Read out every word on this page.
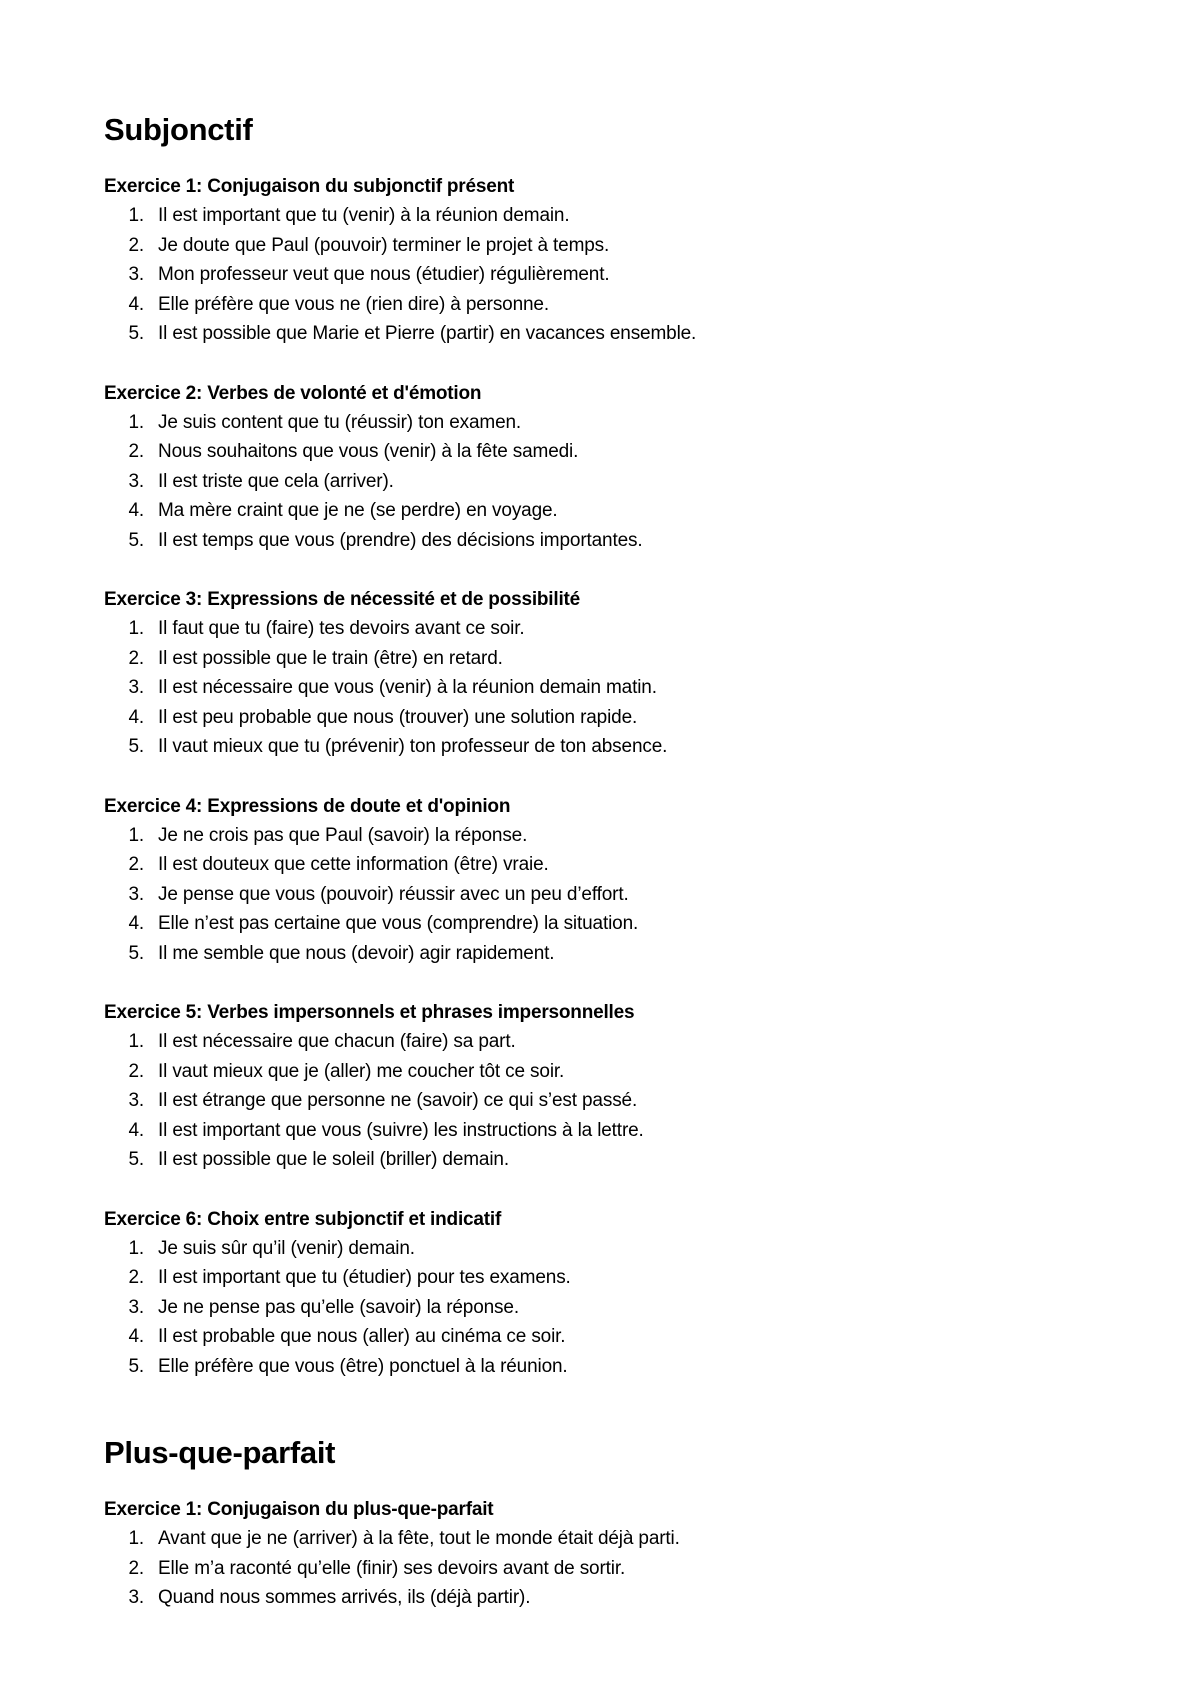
Subjonctif
Exercice 1: Conjugaison du subjonctif présent
1. Il est important que tu (venir) à la réunion demain.
2. Je doute que Paul (pouvoir) terminer le projet à temps.
3. Mon professeur veut que nous (étudier) régulièrement.
4. Elle préfère que vous ne (rien dire) à personne.
5. Il est possible que Marie et Pierre (partir) en vacances ensemble.
Exercice 2: Verbes de volonté et d'émotion
1. Je suis content que tu (réussir) ton examen.
2. Nous souhaitons que vous (venir) à la fête samedi.
3. Il est triste que cela (arriver).
4. Ma mère craint que je ne (se perdre) en voyage.
5. Il est temps que vous (prendre) des décisions importantes.
Exercice 3: Expressions de nécessité et de possibilité
1. Il faut que tu (faire) tes devoirs avant ce soir.
2. Il est possible que le train (être) en retard.
3. Il est nécessaire que vous (venir) à la réunion demain matin.
4. Il est peu probable que nous (trouver) une solution rapide.
5. Il vaut mieux que tu (prévenir) ton professeur de ton absence.
Exercice 4: Expressions de doute et d'opinion
1. Je ne crois pas que Paul (savoir) la réponse.
2. Il est douteux que cette information (être) vraie.
3. Je pense que vous (pouvoir) réussir avec un peu d’effort.
4. Elle n’est pas certaine que vous (comprendre) la situation.
5. Il me semble que nous (devoir) agir rapidement.
Exercice 5: Verbes impersonnels et phrases impersonnelles
1. Il est nécessaire que chacun (faire) sa part.
2. Il vaut mieux que je (aller) me coucher tôt ce soir.
3. Il est étrange que personne ne (savoir) ce qui s’est passé.
4. Il est important que vous (suivre) les instructions à la lettre.
5. Il est possible que le soleil (briller) demain.
Exercice 6: Choix entre subjonctif et indicatif
1. Je suis sûr qu’il (venir) demain.
2. Il est important que tu (étudier) pour tes examens.
3. Je ne pense pas qu’elle (savoir) la réponse.
4. Il est probable que nous (aller) au cinéma ce soir.
5. Elle préfère que vous (être) ponctuel à la réunion.
Plus-que-parfait
Exercice 1: Conjugaison du plus-que-parfait
1. Avant que je ne (arriver) à la fête, tout le monde était déjà parti.
2. Elle m’a raconté qu’elle (finir) ses devoirs avant de sortir.
3. Quand nous sommes arrivés, ils (déjà partir).
